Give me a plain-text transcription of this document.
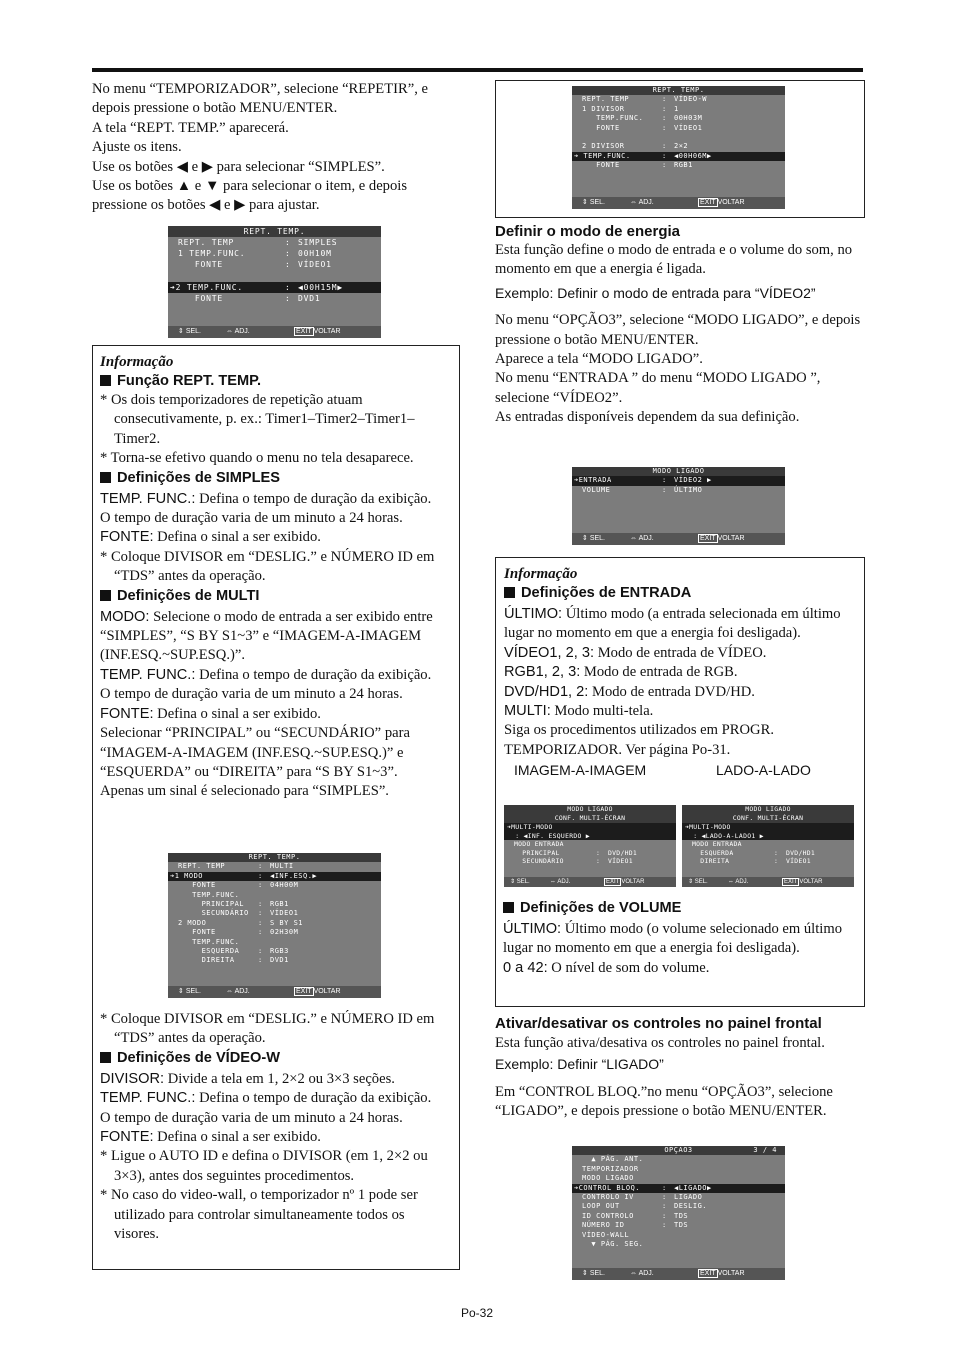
No menu “TEMPORIZADOR”, selecione “REPETIR”, e depois pressione o botão MENU/ENTER.

A tela “REPT. TEMP.” aparecerá.

Ajuste os itens.

Use os botões ◀ e ▶ para selecionar “SIMPLES”.

Use os botões ▲ e ▼ para selecionar o item, e depois pressione os botões ◀ e ▶ para ajustar.

REPT. TEMP.
REPT. TEMP	: SIMPLES
1 TEMP.FUNC.	: 00H10M
FONTE	: VÍDEO1
➔2 TEMP.FUNC.	: ◀00H15M▶
FONTE	: DVD1
⇕ SEL.	⇔ ADJ.	EXIT VOLTAR

Informação

Função REPT. TEMP.

* Os dois temporizadores de repetição atuam consecutivamente, p. ex.: Timer1–Timer2–Timer1–Timer2.

* Torna-se efetivo quando o menu no tela desaparece.

Definições de SIMPLES

TEMP. FUNC.: Defina o tempo de duração da exibição.

O tempo de duração varia de um minuto a 24 horas.

FONTE: Defina o sinal a ser exibido.

* Coloque DIVISOR em “DESLIG.” e NÚMERO ID em “TDS” antes da operação.

Definições de MULTI

MODO: Selecione o modo de entrada a ser exibido entre “SIMPLES”, “S BY S1~3” e “IMAGEM-A-IMAGEM (INF.ESQ.~SUP.ESQ.)”.

TEMP. FUNC.: Defina o tempo de duração da exibição.

O tempo de duração varia de um minuto a 24 horas.

FONTE: Defina o sinal a ser exibido.

Selecionar “PRINCIPAL” ou “SECUNDÁRIO” para “IMAGEM-A-IMAGEM (INF.ESQ.~SUP.ESQ.)” e “ESQUERDA” ou “DIREITA” para “S BY S1~3”.

Apenas um sinal é selecionado para “SIMPLES”.

* Coloque DIVISOR em “DESLIG.” e NÚMERO ID em “TDS” antes da operação.

Definições de VÍDEO-W

DIVISOR: Divide a tela em 1, 2×2 ou 3×3 seções.

TEMP. FUNC.: Defina o tempo de duração da exibição.

O tempo de duração varia de um minuto a 24 horas.

FONTE: Defina o sinal a ser exibido.

* Ligue o AUTO ID e defina o DIVISOR (em 1, 2×2 ou 3×3), antes dos seguintes procedimentos.

* No caso do video-wall, o temporizador nº 1 pode ser utilizado para controlar simultaneamente todos os visores.

REPT. TEMP.
REPT. TEMP	: MULTI
➔1 MODO	: ◀INF.ESQ.▶
FONTE	: 04H00M
TEMP.FUNC.
PRINCIPAL : RGB1
SECUNDÁRIO : VÍDEO1
2 MODO	: S BY S1
FONTE	: 02H30M
TEMP.FUNC.
ESQUERDA	: RGB3
DIREITA	: DVD1
⇕ SEL.	⇔ ADJ.	EXIT VOLTAR
REPT. TEMP.
REPT. TEMP	: VÍDEO-W
1 DIVISOR	: 1
TEMP.FUNC.	: 00H03M
FONTE	: VÍDEO1
2 DIVISOR	: 2×2
➔ TEMP.FUNC.	: ◀00H06M▶
FONTE	: RGB1
⇕ SEL.	⇔ ADJ.	EXIT VOLTAR

Definir o modo de energia

Esta função define o modo de entrada e o volume do som, no momento em que a energia é ligada.

Exemplo: Definir o modo de entrada para “VÍDEO2”

No menu “OPÇÃO3”, selecione “MODO LIGADO”, e depois pressione o botão MENU/ENTER.

Aparece a tela “MODO LIGADO”.

No menu “ENTRADA ” do menu “MODO LIGADO ”, selecione “VÍDEO2”.

As entradas disponíveis dependem da sua definição.

MODO LIGADO
➔ENTRADA	: VÍDEO2 ▶
VOLUME	: ÚLTIMO
⇕ SEL.	⇔ ADJ.	EXIT VOLTAR

Informação

Definições de ENTRADA

ÚLTIMO: Último modo (a entrada selecionada em último lugar no momento em que a energia foi desligada).

VÍDEO1, 2, 3: Modo de entrada de VÍDEO.

RGB1, 2, 3: Modo de entrada de RGB.

DVD/HD1, 2: Modo de entrada DVD/HD.

MULTI: Modo multi-tela.

Siga os procedimentos utilizados em PROGR. TEMPORIZADOR. Ver página Po-31.

IMAGEM-A-IMAGEM	LADO-A-LADO
MODO LIGADO
CONF. MULTI-ÉCRAN
➔MULTI-MODO
: ◀INF. ESQUERDO ▶
MODO ENTRADA
PRINCIPAL	: DVD/HD1
SECUNDÁRIO	: VÍDEO1
⇕ SEL.	⇔ ADJ.	EXIT VOLTAR
MODO LIGADO
CONF. MULTI-ÉCRAN
➔MULTI-MODO
: ◀LADO-A-LADO1 ▶
MODO ENTRADA
ESQUERDA	: DVD/HD1
DIREITA	: VÍDEO1
⇕ SEL.	⇔ ADJ.	EXIT VOLTAR

Definições de VOLUME

ÚLTIMO: Último modo (o volume selecionado em último lugar no momento em que a energia foi desligada).

0 a 42: O nível de som do volume.

Ativar/desativar os controles no painel frontal

Esta função ativa/desativa os controles no painel frontal.

Exemplo: Definir “LIGADO”

Em “CONTROL BLOQ.”no menu “OPÇÃO3”, selecione “LIGADO”, e depois pressione o botão MENU/ENTER.

OPÇÃO3	3 / 4
▲ PÁG. ANT.
TEMPORIZADOR
MODO LIGADO
➔CONTROL BLOQ.	: ◀LIGADO▶
CONTROLO IV	: LIGADO
LOOP OUT	: DESLIG.
ID CONTROLO	: TDS
NÚMERO ID	: TDS
VÍDEO-WALL
▼ PÁG. SEG.
⇕ SEL.	⇔ ADJ.	EXIT VOLTAR
Po-32
